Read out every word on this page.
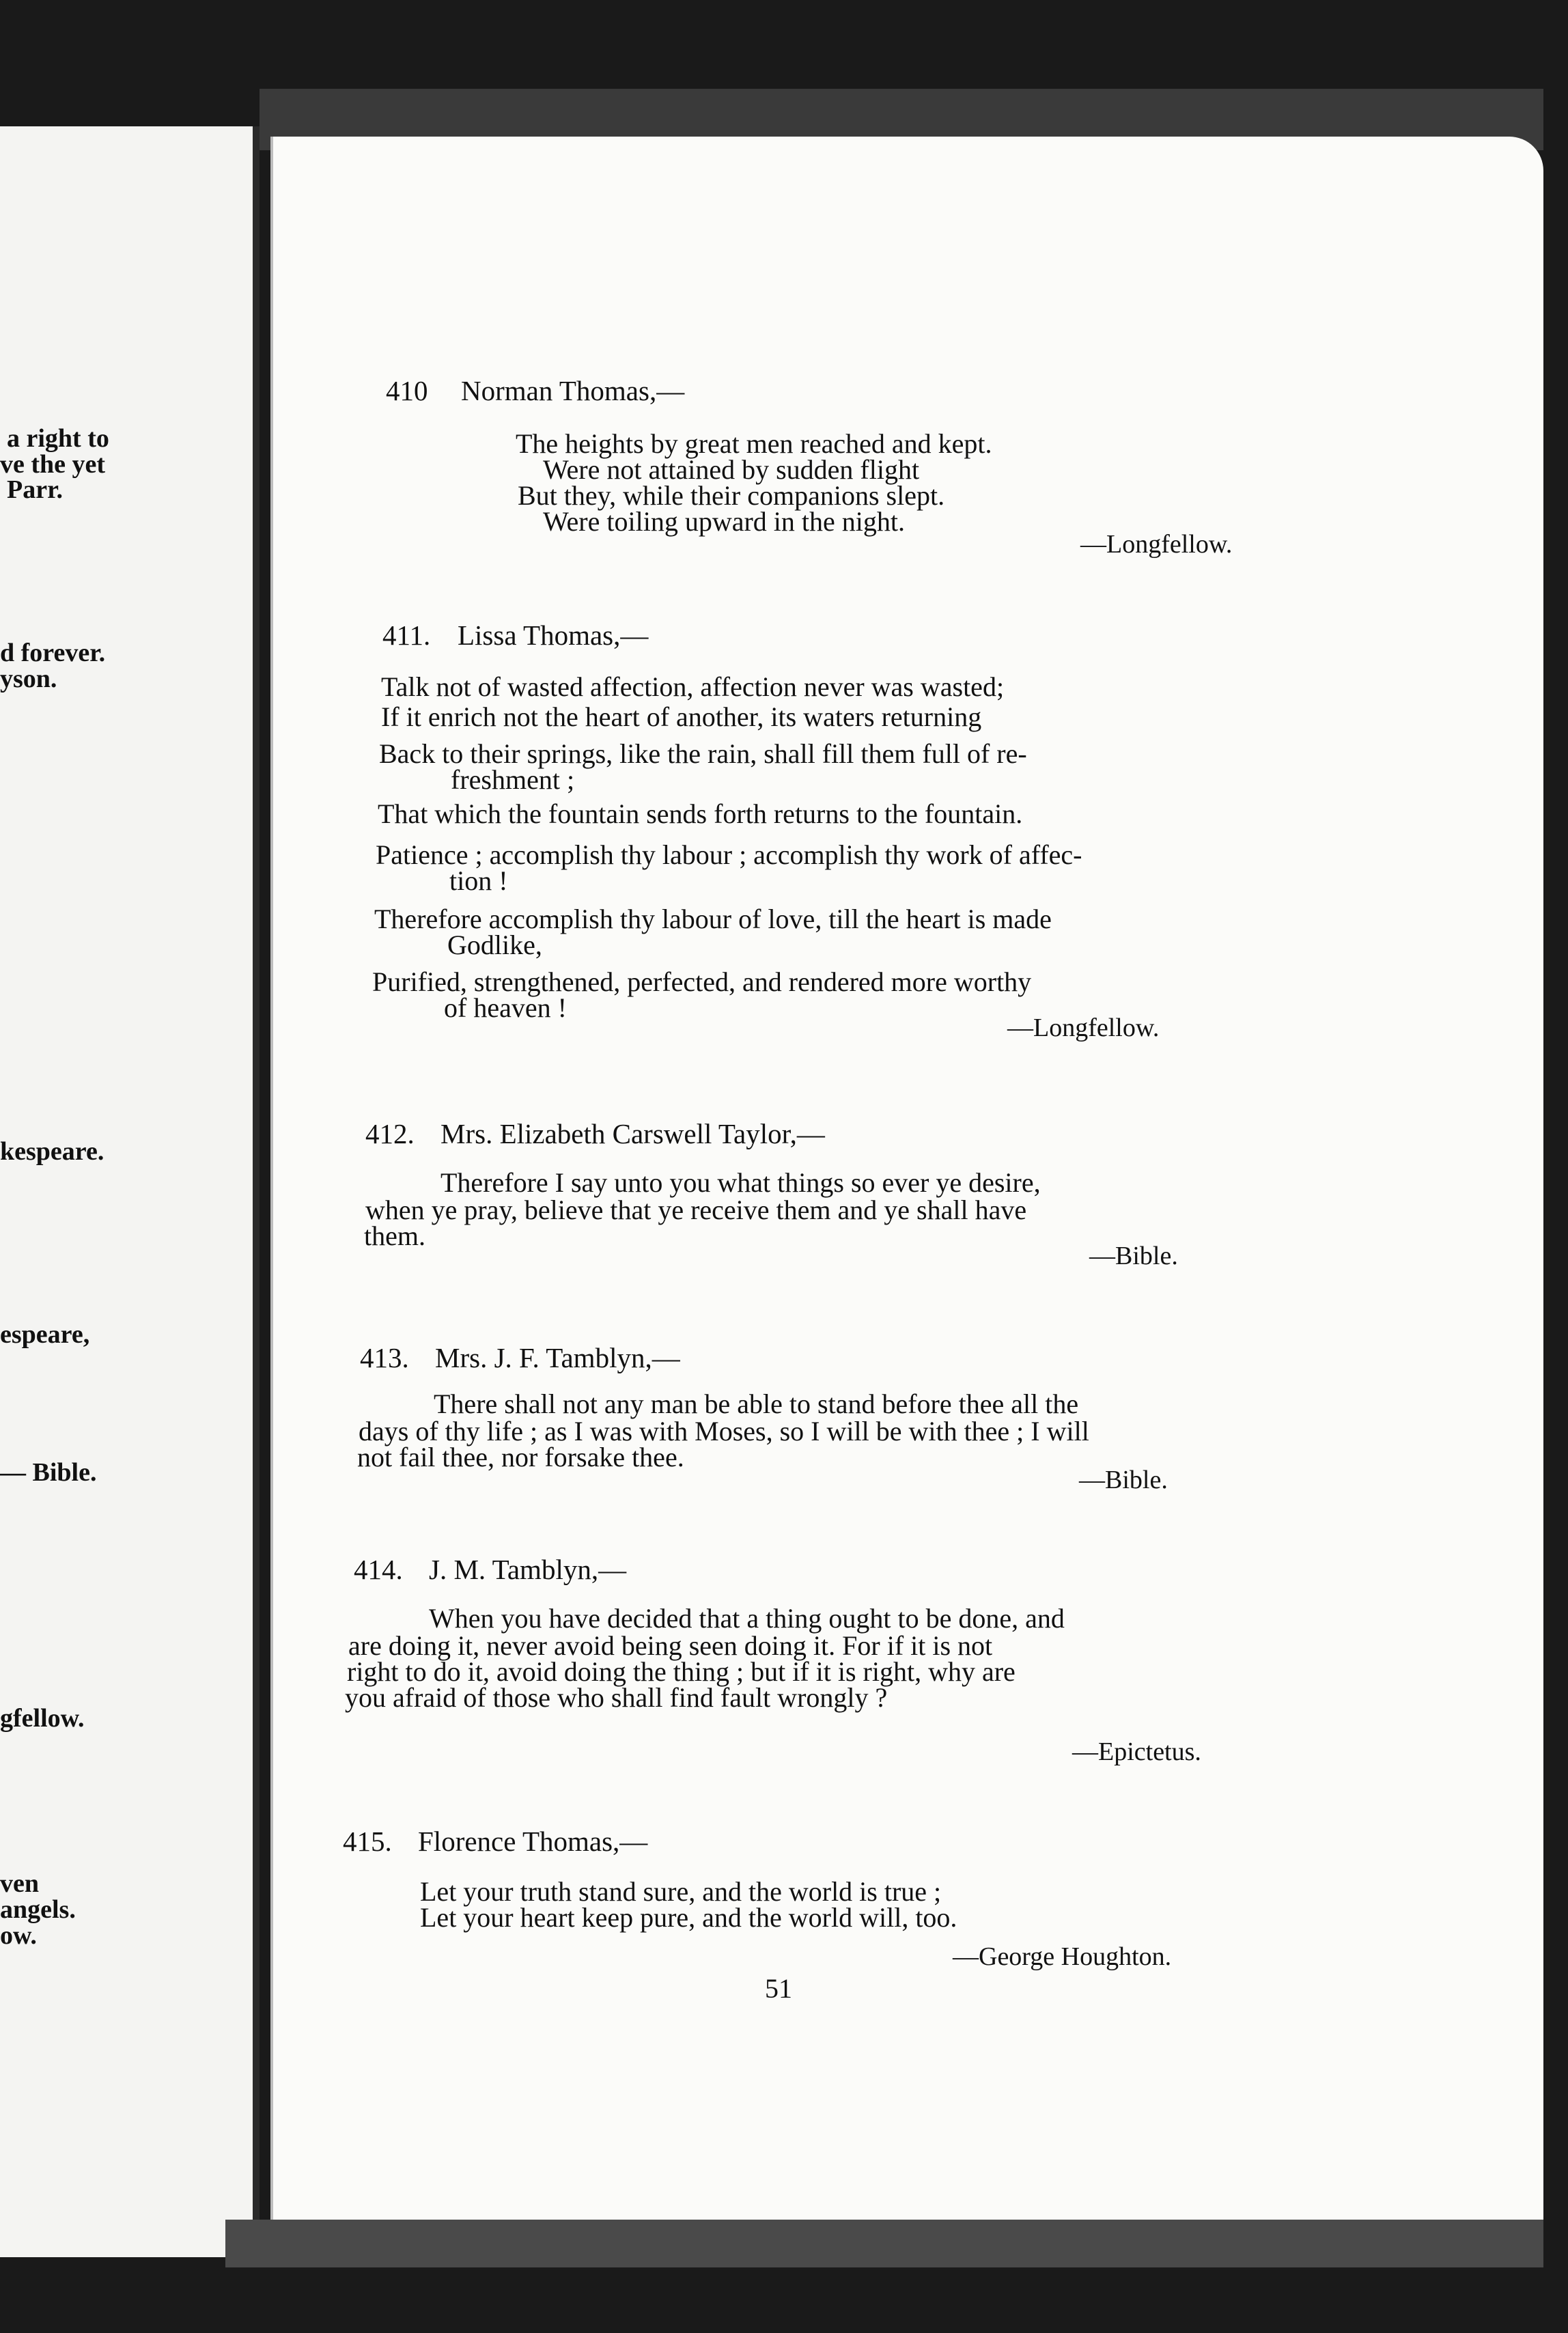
a right to
ve the yet
Parr.
d forever.
yson.
kespeare.
espeare,
— Bible.
gfellow.
ven
angels.
ow.
410 Norman Thomas,—
The heights by great men reached and kept.
Were not attained by sudden flight
But they, while their companions slept.
Were toiling upward in the night.
—Longfellow.
411. Lissa Thomas,—
Talk not of wasted affection, affection never was wasted;
If it enrich not the heart of another, its waters returning
Back to their springs, like the rain, shall fill them full of re-
freshment ;
That which the fountain sends forth returns to the fountain.
Patience ; accomplish thy labour ; accomplish thy work of affec-
tion !
Therefore accomplish thy labour of love, till the heart is made
Godlike,
Purified, strengthened, perfected, and rendered more worthy
of heaven !
—Longfellow.
412. Mrs. Elizabeth Carswell Taylor,—
Therefore I say unto you what things so ever ye desire,
when ye pray, believe that ye receive them and ye shall have
them.
—Bible.
413. Mrs. J. F. Tamblyn,—
There shall not any man be able to stand before thee all the
days of thy life ; as I was with Moses, so I will be with thee ; I will
not fail thee, nor forsake thee.
—Bible.
414. J. M. Tamblyn,—
When you have decided that a thing ought to be done, and
are doing it, never avoid being seen doing it. For if it is not
right to do it, avoid doing the thing ; but if it is right, why are
you afraid of those who shall find fault wrongly ?
—Epictetus.
415. Florence Thomas,—
Let your truth stand sure, and the world is true ;
Let your heart keep pure, and the world will, too.
—George Houghton.
51
